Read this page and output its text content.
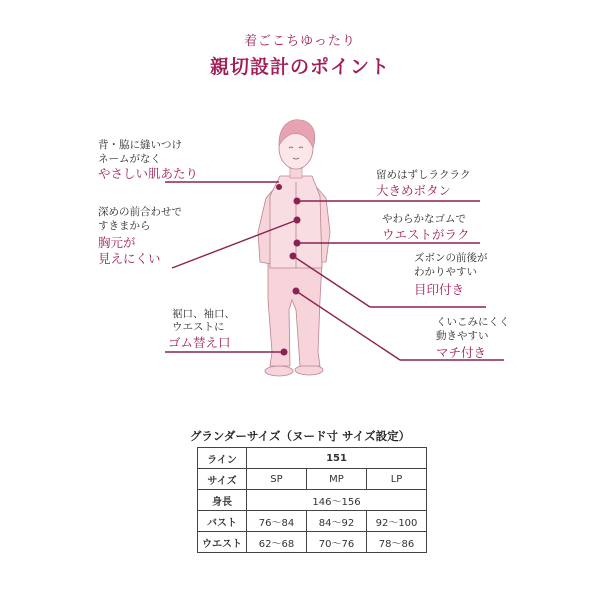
着ごこちゆったり
親切設計のポイント
背・脇に縫いつけ
ネームがなく
やさしい肌あたり
深めの前合わせで
すきまから
胸元が
見えにくい
裾口、袖口、
ウエストに
ゴム替え口
留めはずしラクラク
大きめボタン
やわらかなゴムで
ウエストがラク
ズボンの前後が
わかりやすい
目印付き
くいこみにくく
動きやすい
マチ付き
グランダーサイズ（ヌード寸 サイズ設定）
ライン	151		
サイズ	SP	MP	LP
身長	146〜156		
バスト	76〜84	84〜92	92〜100
ウエスト	62〜68	70〜76	78〜86
